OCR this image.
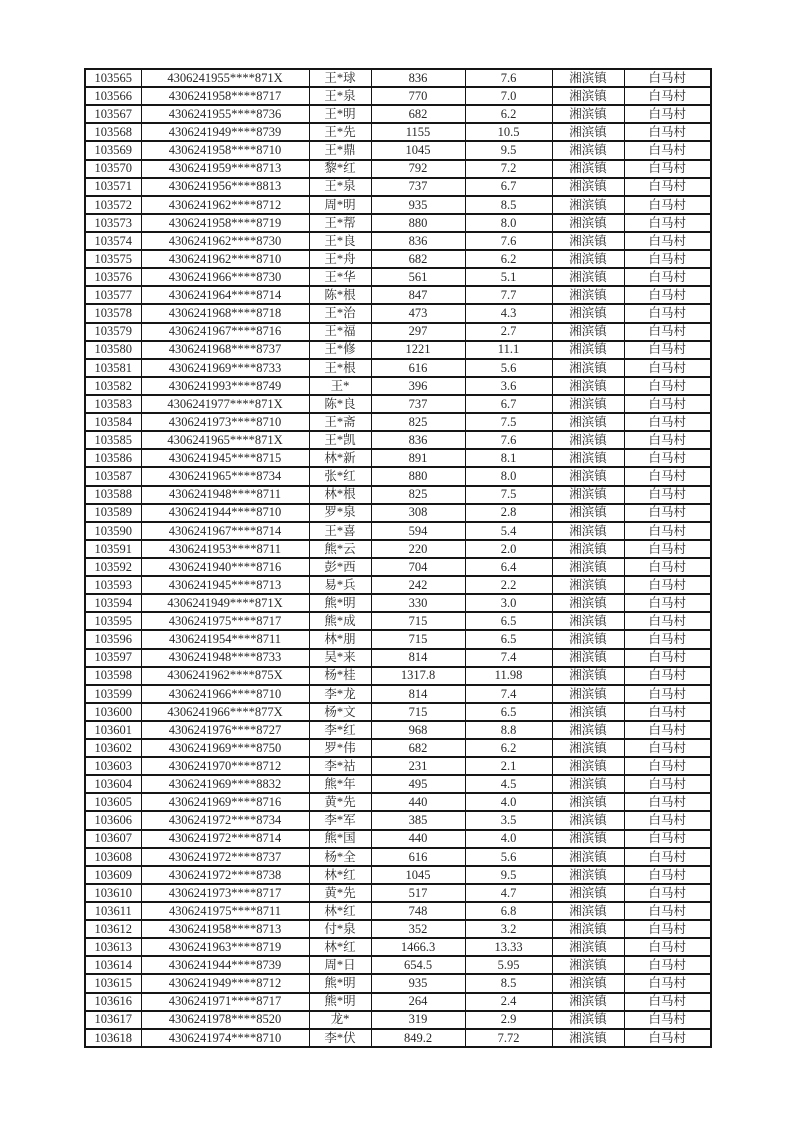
103565	4306241955****871X	王*球	836	7.6	湘滨镇	白马村
103566	4306241958****8717	王*泉	770	7.0	湘滨镇	白马村
103567	4306241955****8736	王*明	682	6.2	湘滨镇	白马村
103568	4306241949****8739	王*先	1155	10.5	湘滨镇	白马村
103569	4306241958****8710	王*鼎	1045	9.5	湘滨镇	白马村
103570	4306241959****8713	黎*红	792	7.2	湘滨镇	白马村
103571	4306241956****8813	王*泉	737	6.7	湘滨镇	白马村
103572	4306241962****8712	周*明	935	8.5	湘滨镇	白马村
103573	4306241958****8719	王*帮	880	8.0	湘滨镇	白马村
103574	4306241962****8730	王*良	836	7.6	湘滨镇	白马村
103575	4306241962****8710	王*舟	682	6.2	湘滨镇	白马村
103576	4306241966****8730	王*华	561	5.1	湘滨镇	白马村
103577	4306241964****8714	陈*根	847	7.7	湘滨镇	白马村
103578	4306241968****8718	王*治	473	4.3	湘滨镇	白马村
103579	4306241967****8716	王*福	297	2.7	湘滨镇	白马村
103580	4306241968****8737	王*修	1221	11.1	湘滨镇	白马村
103581	4306241969****8733	王*根	616	5.6	湘滨镇	白马村
103582	4306241993****8749	王*	396	3.6	湘滨镇	白马村
103583	4306241977****871X	陈*良	737	6.7	湘滨镇	白马村
103584	4306241973****8710	王*斋	825	7.5	湘滨镇	白马村
103585	4306241965****871X	王*凯	836	7.6	湘滨镇	白马村
103586	4306241945****8715	林*新	891	8.1	湘滨镇	白马村
103587	4306241965****8734	张*红	880	8.0	湘滨镇	白马村
103588	4306241948****8711	林*根	825	7.5	湘滨镇	白马村
103589	4306241944****8710	罗*泉	308	2.8	湘滨镇	白马村
103590	4306241967****8714	王*喜	594	5.4	湘滨镇	白马村
103591	4306241953****8711	熊*云	220	2.0	湘滨镇	白马村
103592	4306241940****8716	彭*西	704	6.4	湘滨镇	白马村
103593	4306241945****8713	易*兵	242	2.2	湘滨镇	白马村
103594	4306241949****871X	熊*明	330	3.0	湘滨镇	白马村
103595	4306241975****8717	熊*成	715	6.5	湘滨镇	白马村
103596	4306241954****8711	林*朋	715	6.5	湘滨镇	白马村
103597	4306241948****8733	吴*来	814	7.4	湘滨镇	白马村
103598	4306241962****875X	杨*桂	1317.8	11.98	湘滨镇	白马村
103599	4306241966****8710	李*龙	814	7.4	湘滨镇	白马村
103600	4306241966****877X	杨*文	715	6.5	湘滨镇	白马村
103601	4306241976****8727	李*红	968	8.8	湘滨镇	白马村
103602	4306241969****8750	罗*伟	682	6.2	湘滨镇	白马村
103603	4306241970****8712	李*祜	231	2.1	湘滨镇	白马村
103604	4306241969****8832	熊*年	495	4.5	湘滨镇	白马村
103605	4306241969****8716	黄*先	440	4.0	湘滨镇	白马村
103606	4306241972****8734	李*军	385	3.5	湘滨镇	白马村
103607	4306241972****8714	熊*国	440	4.0	湘滨镇	白马村
103608	4306241972****8737	杨*全	616	5.6	湘滨镇	白马村
103609	4306241972****8738	林*红	1045	9.5	湘滨镇	白马村
103610	4306241973****8717	黄*先	517	4.7	湘滨镇	白马村
103611	4306241975****8711	林*红	748	6.8	湘滨镇	白马村
103612	4306241958****8713	付*泉	352	3.2	湘滨镇	白马村
103613	4306241963****8719	林*红	1466.3	13.33	湘滨镇	白马村
103614	4306241944****8739	周*日	654.5	5.95	湘滨镇	白马村
103615	4306241949****8712	熊*明	935	8.5	湘滨镇	白马村
103616	4306241971****8717	熊*明	264	2.4	湘滨镇	白马村
103617	4306241978****8520	龙*	319	2.9	湘滨镇	白马村
103618	4306241974****8710	李*伏	849.2	7.72	湘滨镇	白马村
